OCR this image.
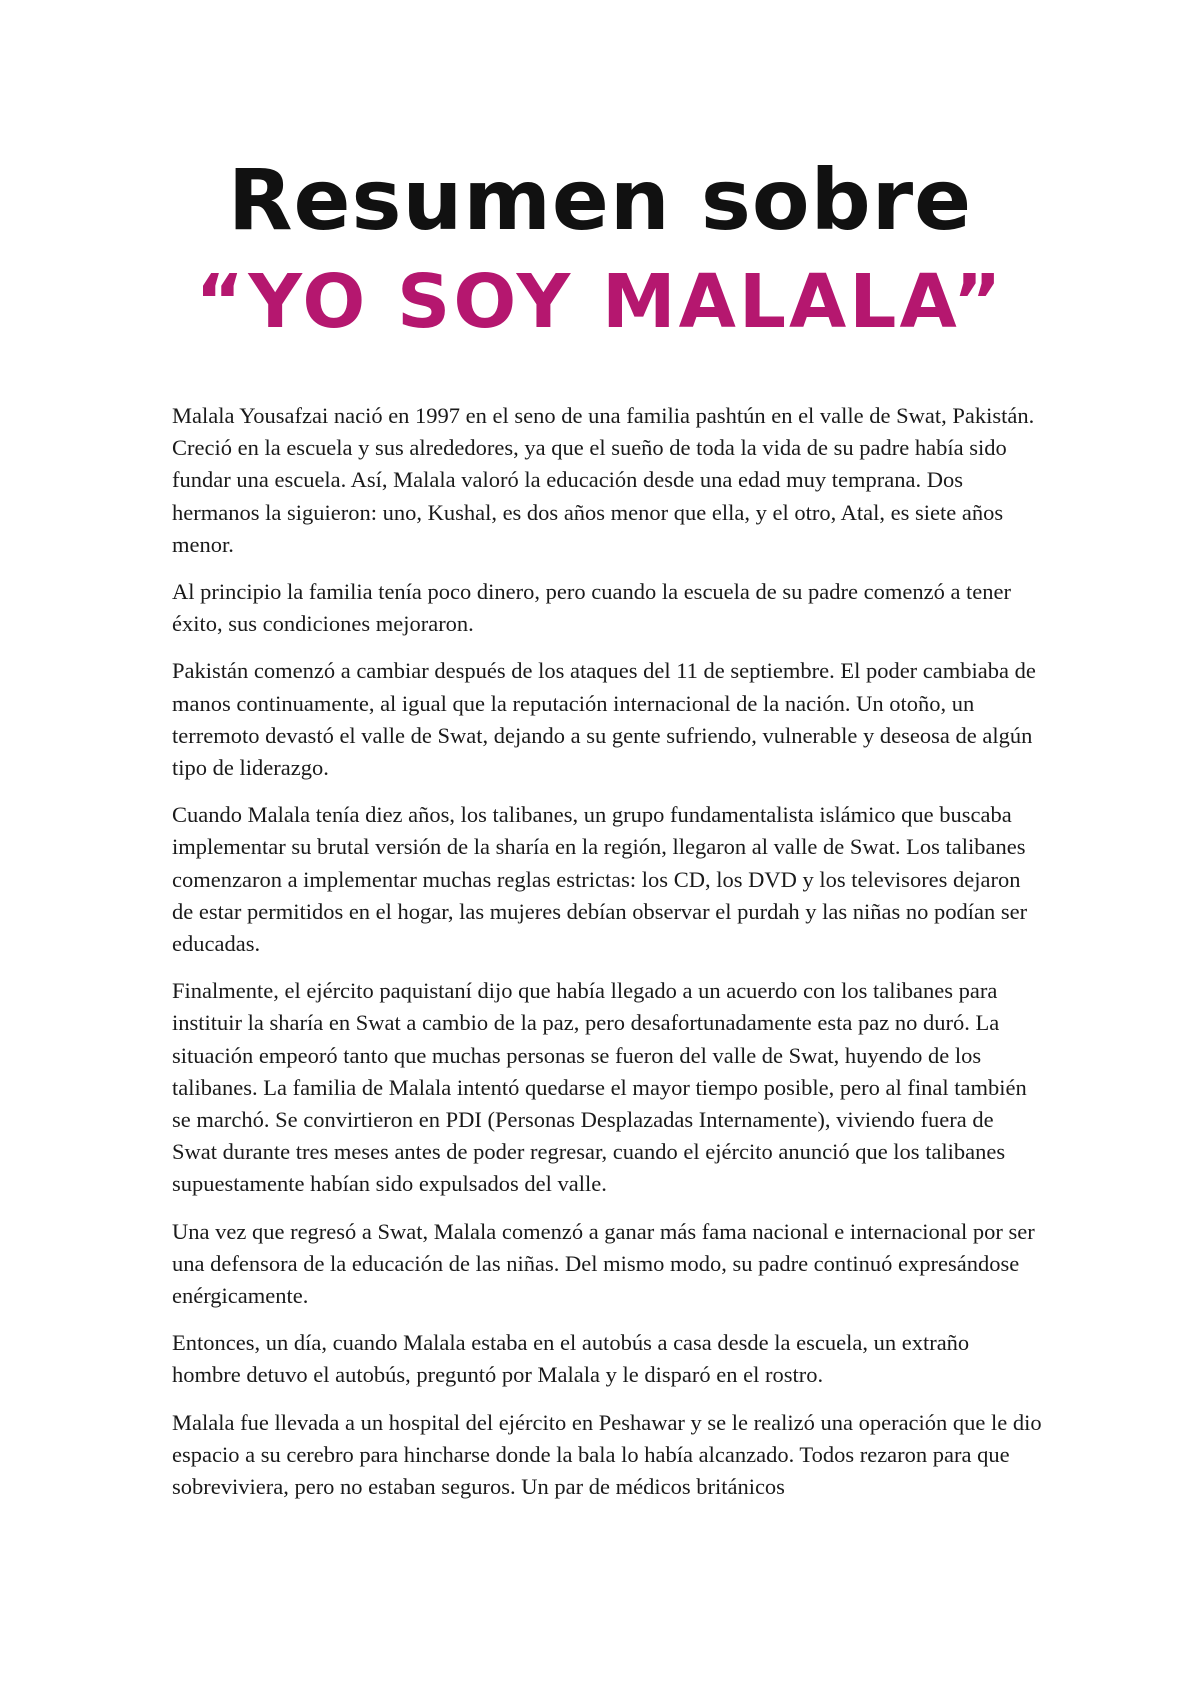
Resumen sobre
“YO SOY MALALA”

Malala Yousafzai nació en 1997 en el seno de una familia pashtún en el valle de Swat, Pakistán. Creció en la escuela y sus alrededores, ya que el sueño de toda la vida de su padre había sido fundar una escuela. Así, Malala valoró la educación desde una edad muy temprana. Dos hermanos la siguieron: uno, Kushal, es dos años menor que ella, y el otro, Atal, es siete años menor.

Al principio la familia tenía poco dinero, pero cuando la escuela de su padre comenzó a tener éxito, sus condiciones mejoraron.

Pakistán comenzó a cambiar después de los ataques del 11 de septiembre. El poder cambiaba de manos continuamente, al igual que la reputación internacional de la nación. Un otoño, un terremoto devastó el valle de Swat, dejando a su gente sufriendo, vulnerable y deseosa de algún tipo de liderazgo.

Cuando Malala tenía diez años, los talibanes, un grupo fundamentalista islámico que buscaba implementar su brutal versión de la sharía en la región, llegaron al valle de Swat. Los talibanes comenzaron a implementar muchas reglas estrictas: los CD, los DVD y los televisores dejaron de estar permitidos en el hogar, las mujeres debían observar el purdah y las niñas no podían ser educadas.

Finalmente, el ejército paquistaní dijo que había llegado a un acuerdo con los talibanes para instituir la sharía en Swat a cambio de la paz, pero desafortunadamente esta paz no duró. La situación empeoró tanto que muchas personas se fueron del valle de Swat, huyendo de los talibanes. La familia de Malala intentó quedarse el mayor tiempo posible, pero al final también se marchó. Se convirtieron en PDI (Personas Desplazadas Internamente), viviendo fuera de Swat durante tres meses antes de poder regresar, cuando el ejército anunció que los talibanes supuestamente habían sido expulsados del valle.

Una vez que regresó a Swat, Malala comenzó a ganar más fama nacional e internacional por ser una defensora de la educación de las niñas. Del mismo modo, su padre continuó expresándose enérgicamente.

Entonces, un día, cuando Malala estaba en el autobús a casa desde la escuela, un extraño hombre detuvo el autobús, preguntó por Malala y le disparó en el rostro.

Malala fue llevada a un hospital del ejército en Peshawar y se le realizó una operación que le dio espacio a su cerebro para hincharse donde la bala lo había alcanzado. Todos rezaron para que sobreviviera, pero no estaban seguros. Un par de médicos británicos
